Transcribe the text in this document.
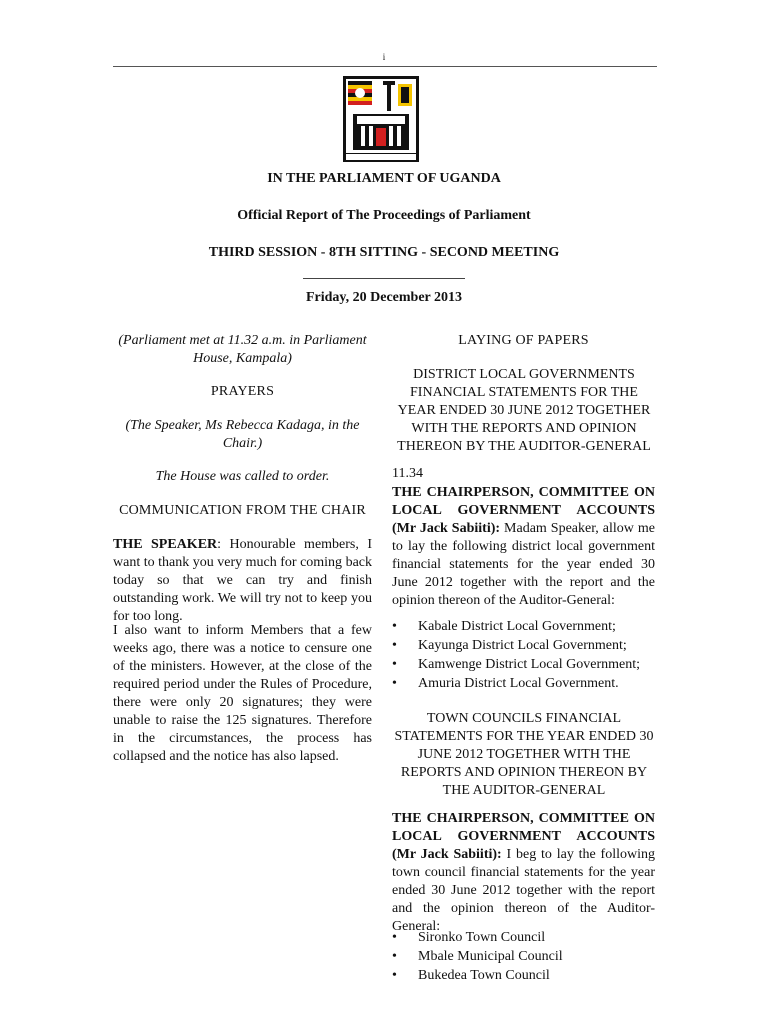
i
IN THE PARLIAMENT OF UGANDA
Official Report of The Proceedings of Parliament
THIRD SESSION - 8TH SITTING - SECOND MEETING
Friday, 20 December 2013
(Parliament met at 11.32 a.m. in Parliament House, Kampala)
PRAYERS
(The Speaker, Ms Rebecca Kadaga, in the Chair.)
The House was called to order.
COMMUNICATION FROM THE CHAIR
THE SPEAKER: Honourable members, I want to thank you very much for coming back today so that we can try and finish outstanding work. We will try not to keep you for too long.
I also want to inform Members that a few weeks ago, there was a notice to censure one of the ministers. However, at the close of the required period under the Rules of Procedure, there were only 20 signatures; they were unable to raise the 125 signatures. Therefore in the circumstances, the process has collapsed and the notice has also lapsed.
LAYING OF PAPERS
DISTRICT LOCAL GOVERNMENTS FINANCIAL STATEMENTS FOR THE YEAR ENDED 30 JUNE 2012 TOGETHER WITH THE REPORTS AND OPINION THEREON BY THE AUDITOR-GENERAL
11.34
THE CHAIRPERSON, COMMITTEE ON LOCAL GOVERNMENT ACCOUNTS (Mr Jack Sabiiti): Madam Speaker, allow me to lay the following district local government financial statements for the year ended 30 June 2012 together with the report and the opinion thereon of the Auditor-General:
• Kabale District Local Government;
• Kayunga District Local Government;
• Kamwenge District Local Government;
• Amuria District Local Government.
TOWN COUNCILS FINANCIAL STATEMENTS FOR THE YEAR ENDED 30 JUNE 2012 TOGETHER WITH THE REPORTS AND OPINION THEREON BY THE AUDITOR-GENERAL
THE CHAIRPERSON, COMMITTEE ON LOCAL GOVERNMENT ACCOUNTS (Mr Jack Sabiiti): I beg to lay the following town council financial statements for the year ended 30 June 2012 together with the report and the opinion thereon of the Auditor-General:
• Sironko Town Council
• Mbale Municipal Council
• Bukedea Town Council
